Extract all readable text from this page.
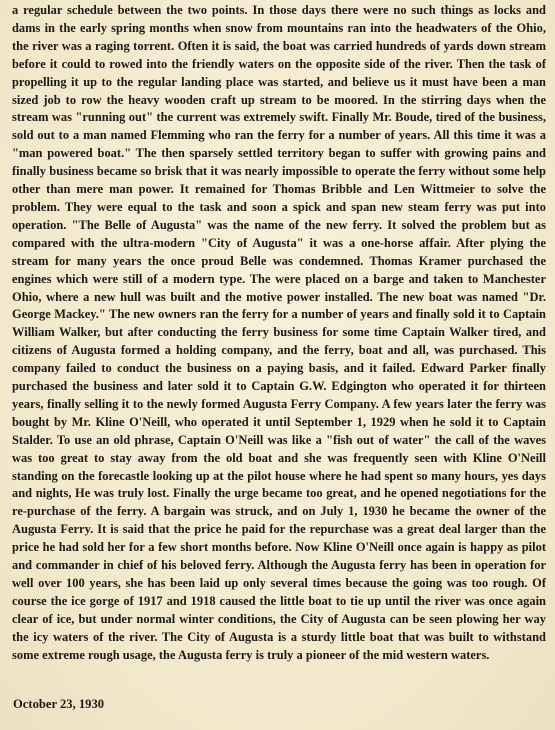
a regular schedule between the two points. In those days there were no such things as locks and dams in the early spring months when snow from mountains ran into the headwaters of the Ohio, the river was a raging torrent. Often it is said, the boat was carried hundreds of yards down stream before it could to rowed into the friendly waters on the opposite side of the river. Then the task of propelling it up to the regular landing place was started, and believe us it must have been a man sized job to row the heavy wooden craft up stream to be moored. In the stirring days when the stream was "running out" the current was extremely swift. Finally Mr. Boude, tired of the business, sold out to a man named Flemming who ran the ferry for a number of years. All this time it was a "man powered boat." The then sparsely settled territory began to suffer with growing pains and finally business became so brisk that it was nearly impossible to operate the ferry without some help other than mere man power. It remained for Thomas Bribble and Len Wittmeier to solve the problem. They were equal to the task and soon a spick and span new steam ferry was put into operation. "The Belle of Augusta" was the name of the new ferry. It solved the problem but as compared with the ultra-modern "City of Augusta" it was a one-horse affair. After plying the stream for many years the once proud Belle was condemned. Thomas Kramer purchased the engines which were still of a modern type. The were placed on a barge and taken to Manchester Ohio, where a new hull was built and the motive power installed. The new boat was named "Dr. George Mackey." The new owners ran the ferry for a number of years and finally sold it to Captain William Walker, but after conducting the ferry business for some time Captain Walker tired, and citizens of Augusta formed a holding company, and the ferry, boat and all, was purchased. This company failed to conduct the business on a paying basis, and it failed. Edward Parker finally purchased the business and later sold it to Captain G.W. Edgington who operated it for thirteen years, finally selling it to the newly formed Augusta Ferry Company. A few years later the ferry was bought by Mr. Kline O'Neill, who operated it until September 1, 1929 when he sold it to Captain Stalder. To use an old phrase, Captain O'Neill was like a "fish out of water" the call of the waves was too great to stay away from the old boat and she was frequently seen with Kline O'Neill standing on the forecastle looking up at the pilot house where he had spent so many hours, yes days and nights, He was truly lost. Finally the urge became too great, and he opened negotiations for the re-purchase of the ferry. A bargain was struck, and on July 1, 1930 he became the owner of the Augusta Ferry. It is said that the price he paid for the repurchase was a great deal larger than the price he had sold her for a few short months before. Now Kline O'Neill once again is happy as pilot and commander in chief of his beloved ferry. Although the Augusta ferry has been in operation for well over 100 years, she has been laid up only several times because the going was too rough. Of course the ice gorge of 1917 and 1918 caused the little boat to tie up until the river was once again clear of ice, but under normal winter conditions, the City of Augusta can be seen plowing her way the icy waters of the river. The City of Augusta is a sturdy little boat that was built to withstand some extreme rough usage, the Augusta ferry is truly a pioneer of the mid western waters.

October 23, 1930
